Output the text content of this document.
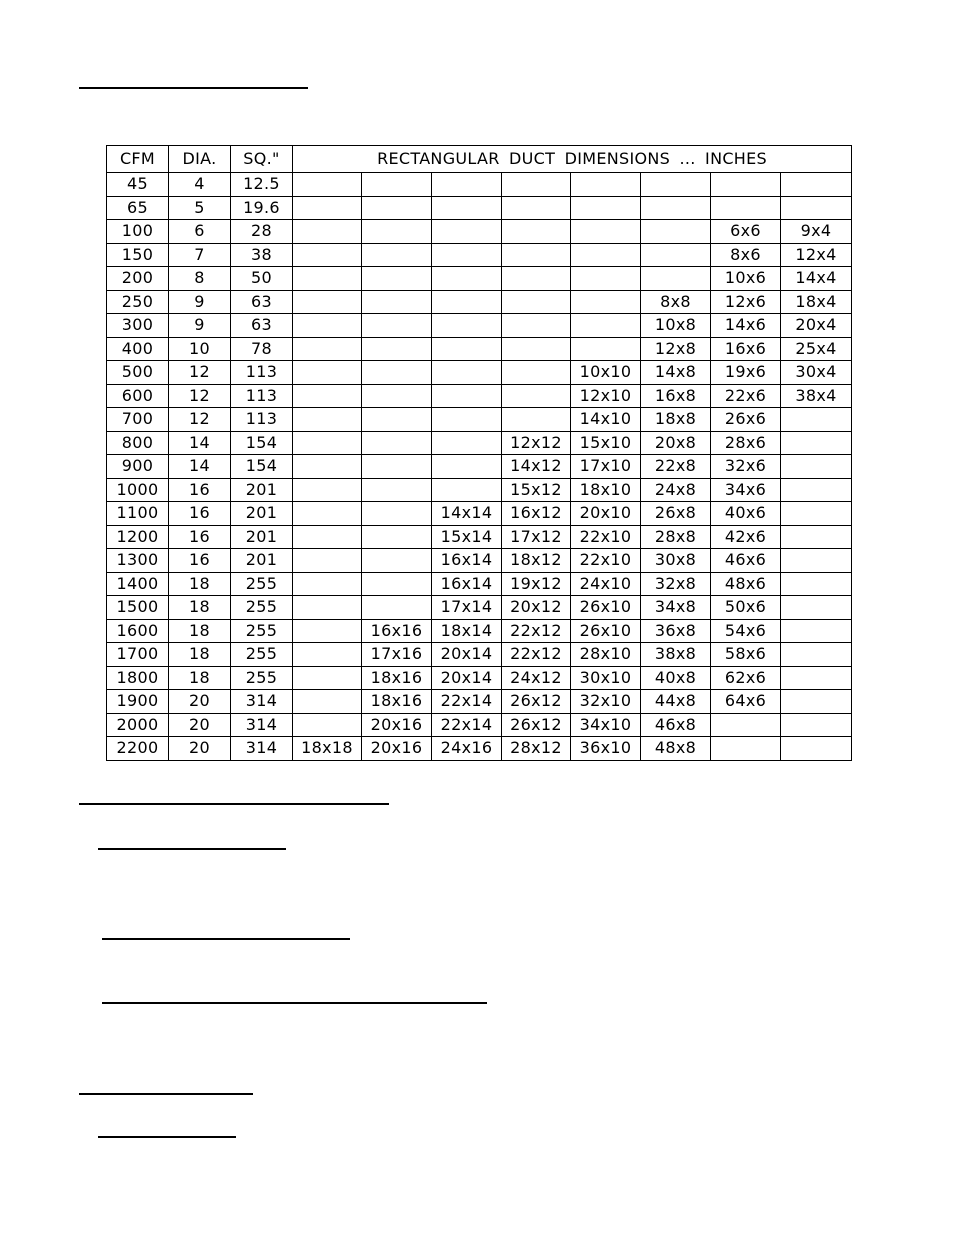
CFM	DIA.	SQ."	RECTANGULAR DUCT DIMENSIONS ... INCHES							
45	4	12.5								
65	5	19.6								
100	6	28							6x6	9x4
150	7	38							8x6	12x4
200	8	50							10x6	14x4
250	9	63						8x8	12x6	18x4
300	9	63						10x8	14x6	20x4
400	10	78						12x8	16x6	25x4
500	12	113					10x10	14x8	19x6	30x4
600	12	113					12x10	16x8	22x6	38x4
700	12	113					14x10	18x8	26x6	
800	14	154				12x12	15x10	20x8	28x6	
900	14	154				14x12	17x10	22x8	32x6	
1000	16	201				15x12	18x10	24x8	34x6	
1100	16	201			14x14	16x12	20x10	26x8	40x6	
1200	16	201			15x14	17x12	22x10	28x8	42x6	
1300	16	201			16x14	18x12	22x10	30x8	46x6	
1400	18	255			16x14	19x12	24x10	32x8	48x6	
1500	18	255			17x14	20x12	26x10	34x8	50x6	
1600	18	255		16x16	18x14	22x12	26x10	36x8	54x6	
1700	18	255		17x16	20x14	22x12	28x10	38x8	58x6	
1800	18	255		18x16	20x14	24x12	30x10	40x8	62x6	
1900	20	314		18x16	22x14	26x12	32x10	44x8	64x6	
2000	20	314		20x16	22x14	26x12	34x10	46x8		
2200	20	314	18x18	20x16	24x16	28x12	36x10	48x8		
